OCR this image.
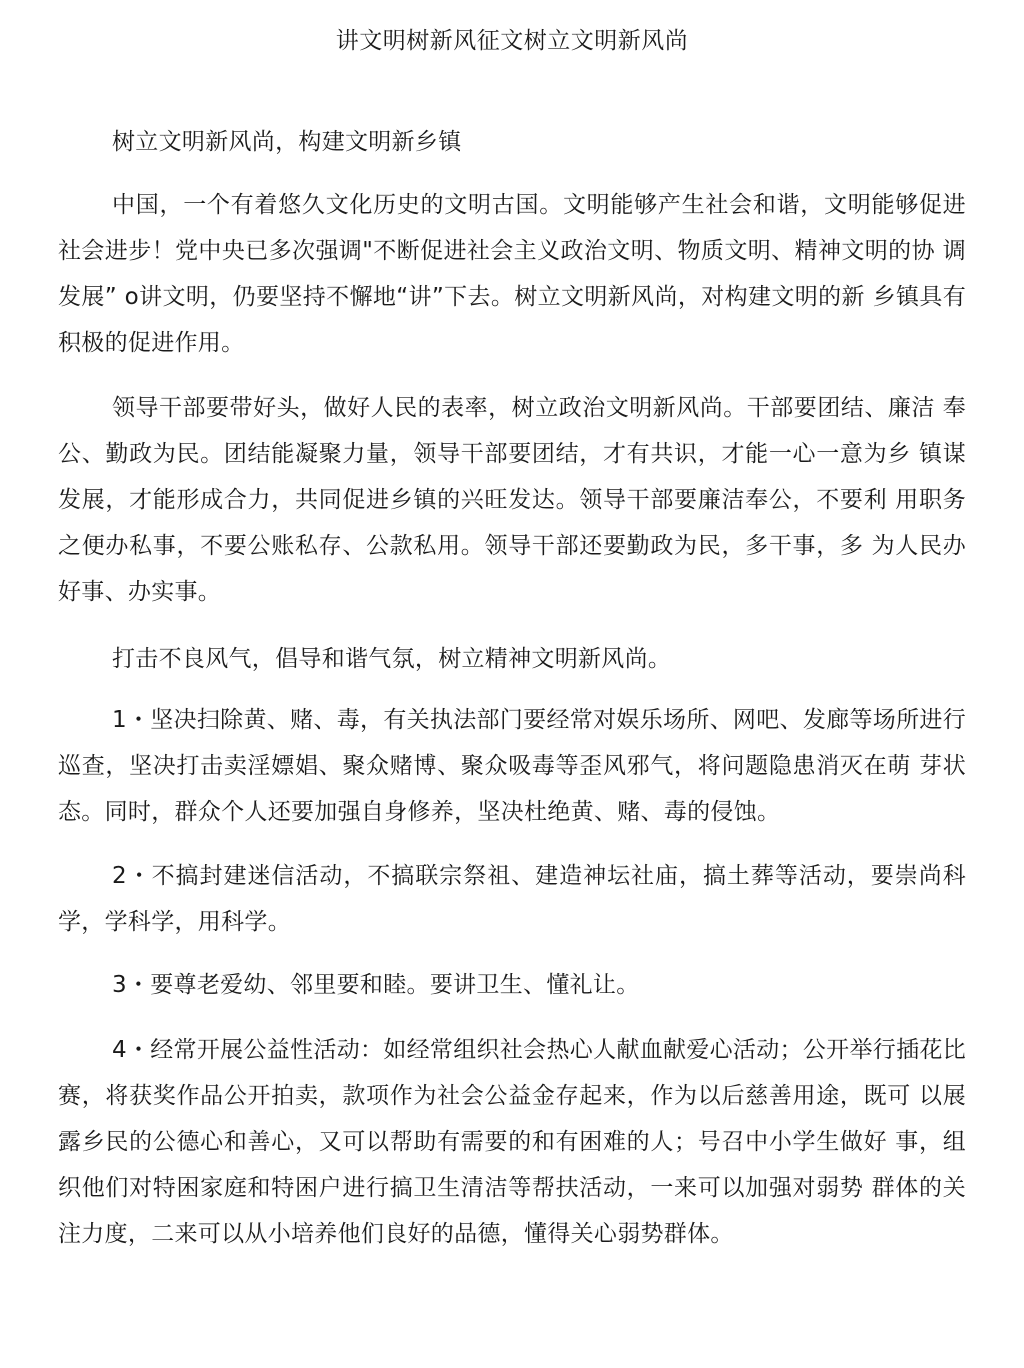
讲文明树新风征文树立文明新风尚

树立文明新风尚，构建文明新乡镇

中国，一个有着悠久文化历史的文明古国。文明能够产生社会和谐，文明能够促进社会进步！党中央已多次强调"不断促进社会主义政治文明、物质文明、精神文明的协 调发展” o讲文明，仍要坚持不懈地“讲”下去。树立文明新风尚，对构建文明的新 乡镇具有积极的促进作用。

领导干部要带好头，做好人民的表率，树立政治文明新风尚。干部要团结、廉洁 奉公、勤政为民。团结能凝聚力量，领导干部要团结，才有共识，才能一心一意为乡 镇谋发展，才能形成合力，共同促进乡镇的兴旺发达。领导干部要廉洁奉公，不要利 用职务之便办私事，不要公账私存、公款私用。领导干部还要勤政为民，多干事，多 为人民办好事、办实事。

打击不良风气，倡导和谐气氛，树立精神文明新风尚。

1・坚决扫除黄、赌、毒，有关执法部门要经常对娱乐场所、网吧、发廊等场所进行巡查，坚决打击卖淫嫖娼、聚众赌博、聚众吸毒等歪风邪气，将问题隐患消灭在萌 芽状态。同时，群众个人还要加强自身修养，坚决杜绝黄、赌、毒的侵蚀。

2・不搞封建迷信活动，不搞联宗祭祖、建造神坛社庙，搞土葬等活动，要崇尚科学，学科学，用科学。

3・要尊老爱幼、邻里要和睦。要讲卫生、懂礼让。

4・经常开展公益性活动：如经常组织社会热心人献血献爱心活动；公开举行插花比赛，将获奖作品公开拍卖，款项作为社会公益金存起来，作为以后慈善用途，既可 以展露乡民的公德心和善心，又可以帮助有需要的和有困难的人；号召中小学生做好 事，组织他们对特困家庭和特困户进行搞卫生清洁等帮扶活动，一来可以加强对弱势 群体的关注力度，二来可以从小培养他们良好的品德，懂得关心弱势群体。
